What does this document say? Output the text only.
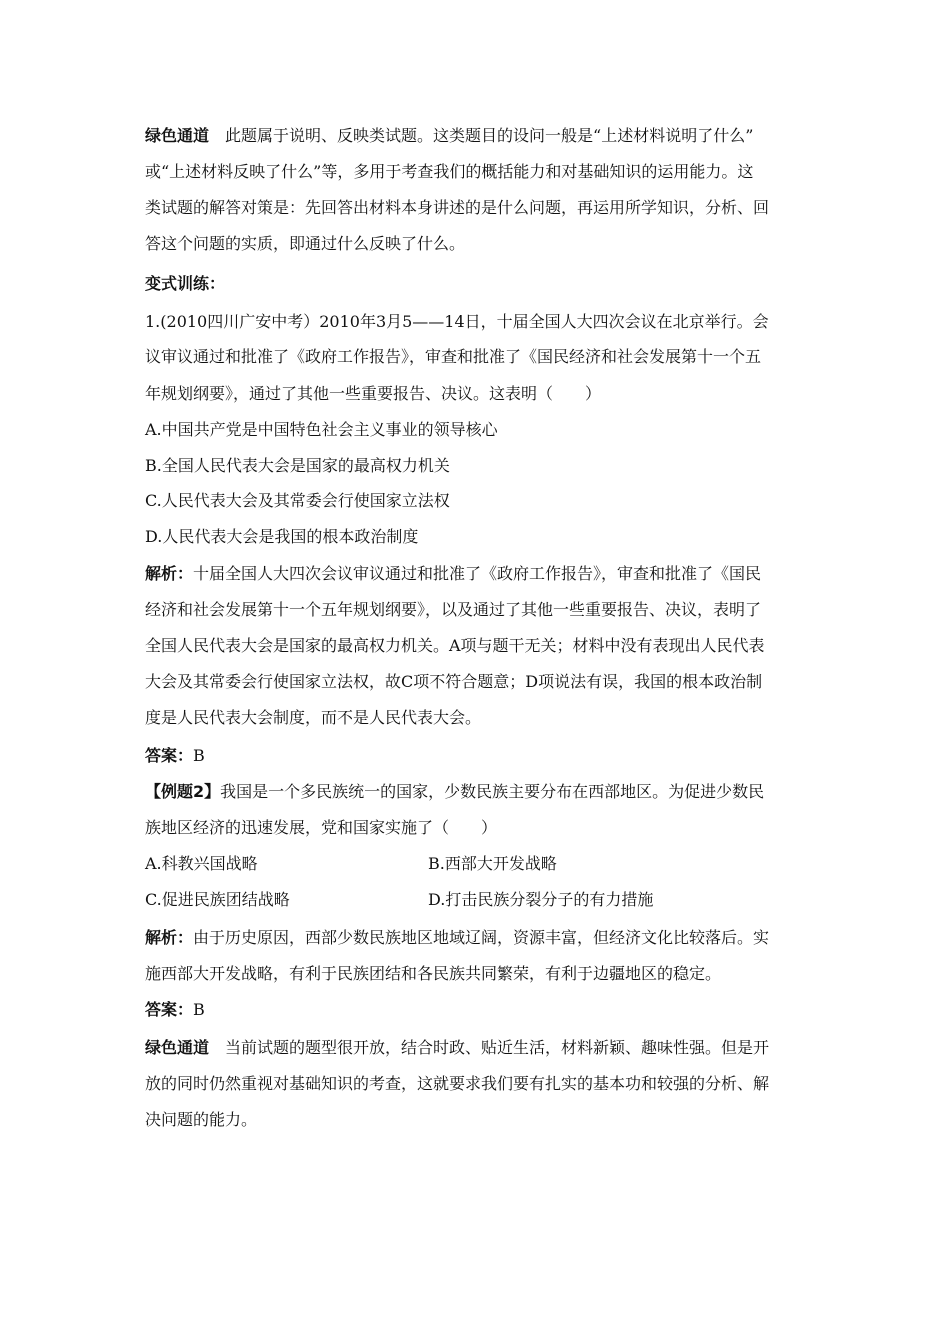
绿色通道 此题属于说明、反映类试题。这类题目的设问一般是“上述材料说明了什么”
或“上述材料反映了什么”等，多用于考查我们的概括能力和对基础知识的运用能力。这
类试题的解答对策是：先回答出材料本身讲述的是什么问题，再运用所学知识，分析、回
答这个问题的实质，即通过什么反映了什么。
变式训练：
1.(2010四川广安中考）2010年3月5——14日，十届全国人大四次会议在北京举行。会
议审议通过和批准了《政府工作报告》，审查和批准了《国民经济和社会发展第十一个五
年规划纲要》，通过了其他一些重要报告、决议。这表明（　　）
A.中国共产党是中国特色社会主义事业的领导核心
B.全国人民代表大会是国家的最高权力机关
C.人民代表大会及其常委会行使国家立法权
D.人民代表大会是我国的根本政治制度
解析：十届全国人大四次会议审议通过和批准了《政府工作报告》，审查和批准了《国民
经济和社会发展第十一个五年规划纲要》，以及通过了其他一些重要报告、决议，表明了
全国人民代表大会是国家的最高权力机关。A项与题干无关；材料中没有表现出人民代表
大会及其常委会行使国家立法权，故C项不符合题意；D项说法有误，我国的根本政治制
度是人民代表大会制度，而不是人民代表大会。
答案：B
【例题2】我国是一个多民族统一的国家，少数民族主要分布在西部地区。为促进少数民
族地区经济的迅速发展，党和国家实施了（　　）
A.科教兴国战略	B.西部大开发战略
C.促进民族团结战略	D.打击民族分裂分子的有力措施
解析：由于历史原因，西部少数民族地区地域辽阔，资源丰富，但经济文化比较落后。实
施西部大开发战略，有利于民族团结和各民族共同繁荣，有利于边疆地区的稳定。
答案：B
绿色通道 当前试题的题型很开放，结合时政、贴近生活，材料新颖、趣味性强。但是开
放的同时仍然重视对基础知识的考查，这就要求我们要有扎实的基本功和较强的分析、解
决问题的能力。
